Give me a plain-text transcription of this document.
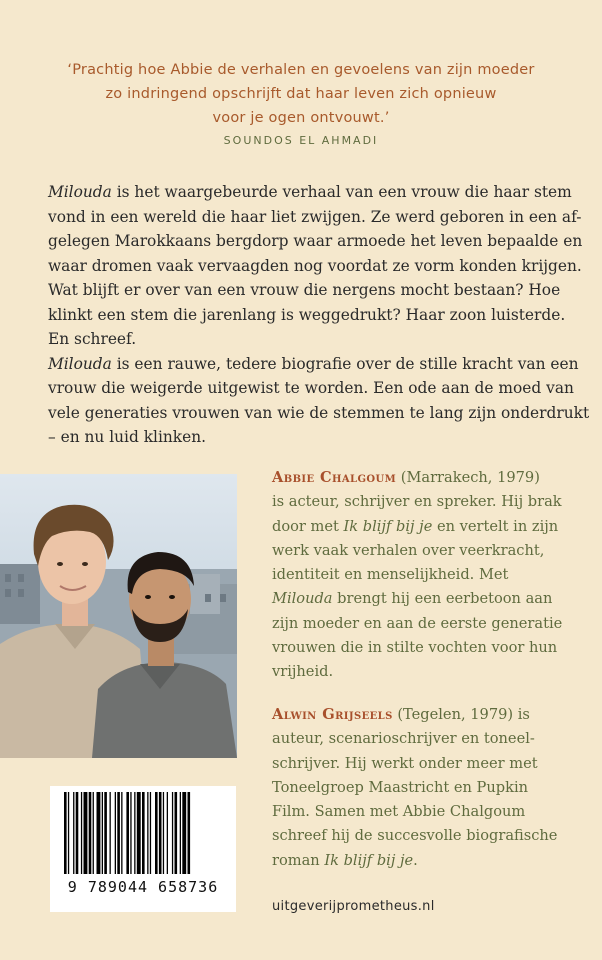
‘Prachtig hoe Abbie de verhalen en gevoelens van zijn moeder
zo indringend opschrijft dat haar leven zich opnieuw
voor je ogen ontvouwt.’
SOUNDOS EL AHMADI
Milouda is het waargebeurde verhaal van een vrouw die haar stem
vond in een wereld die haar liet zwijgen. Ze werd geboren in een af-
gelegen Marokkaans bergdorp waar armoede het leven bepaalde en
waar dromen vaak vervaagden nog voordat ze vorm konden krijgen.
Wat blijft er over van een vrouw die nergens mocht bestaan? Hoe
klinkt een stem die jarenlang is weggedrukt? Haar zoon luisterde.
En schreef.
Milouda is een rauwe, tedere biografie over de stille kracht van een
vrouw die weigerde uitgewist te worden. Een ode aan de moed van
vele generaties vrouwen van wie de stemmen te lang zijn onderdrukt
– en nu luid klinken.
9 789044 658736
Abbie Chalgoum (Marrakech, 1979)
is acteur, schrijver en spreker. Hij brak
door met Ik blijf bij je en vertelt in zijn
werk vaak verhalen over veerkracht,
identiteit en menselijkheid. Met
Milouda brengt hij een eerbetoon aan
zijn moeder en aan de eerste generatie
vrouwen die in stilte vochten voor hun
vrijheid.
Alwin Grijseels (Tegelen, 1979) is
auteur, scenarioschrijver en toneel-
schrijver. Hij werkt onder meer met
Toneelgroep Maastricht en Pupkin
Film. Samen met Abbie Chalgoum
schreef hij de succesvolle biografische
roman Ik blijf bij je.
uitgeverijprometheus.nl
